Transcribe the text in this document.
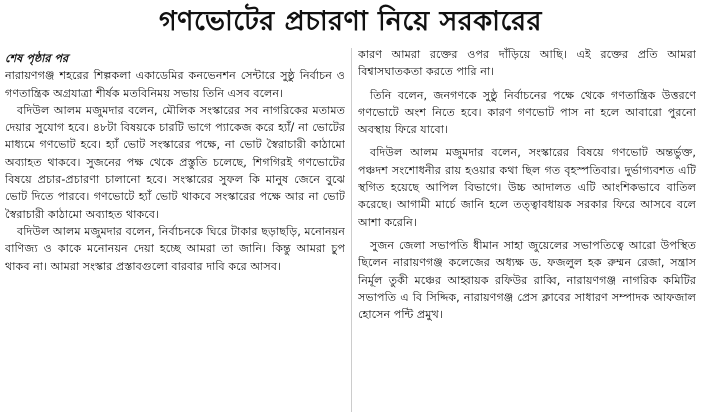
গণভোটের প্রচারণা নিয়ে সরকারের

শেষ পৃষ্ঠার পর

নারায়ণগঞ্জ শহরের শিল্পকলা একাডেমির কনভেনশন সেন্টারে সুষ্ঠু নির্বাচন ও গণতান্ত্রিক অগ্রযাত্রা শীর্ষক মতবিনিময় সভায় তিনি এসব বলেন।

বদিউল আলম মজুমদার বলেন, মৌলিক সংস্কারের সব নাগরিকের মতামত দেয়ার সুযোগ হবে। ৪৮টা বিষয়কে চারটি ভাগে প্যাকেজ করে হ্যাঁ/ না ভোটের মাধ্যমে গণভোট হবে। হ্যাঁ ভোট সংস্কারের পক্ষে, না ভোট স্বৈরাচারী কাঠামো অব্যাহত থাকবে। সুজনের পক্ষ থেকে প্রস্তুতি চলেছে, শিগগিরই গণভোটের বিষয়ে প্রচার-প্রচারণা চালানো হবে। সংস্কারের সুফল কি মানুষ জেনে বুঝে ভোট দিতে পারবে। গণভোটে হ্যাঁ ভোট থাকবে সংস্কারের পক্ষে আর না ভোট স্বৈরাচারী কাঠামো অব্যাহত থাকবে।

বদিউল আলম মজুমদার বলেন, নির্বাচনকে ঘিরে টাকার ছড়াছড়ি, মনোনয়ন বাণিজ্য ও কাকে মনোনয়ন দেয়া হচ্ছে আমরা তা জানি। কিন্তু আমরা চুপ থাকব না। আমরা সংস্কার প্রস্তাবগুলো বারবার দাবি করে আসব।

কারণ আমরা রক্তের ওপর দাঁড়িয়ে আছি। এই রক্তের প্রতি আমরা বিশ্বাসঘাতকতা করতে পারি না।

তিনি বলেন, জনগণকে সুষ্ঠু নির্বাচনের পক্ষে থেকে গণতান্ত্রিক উত্তরণে গণভোটে অংশ নিতে হবে। কারণ গণভোট পাস না হলে আবারো পুরনো অবস্থায় ফিরে যাবো।

বদিউল আলম মজুমদার বলেন, সংস্কারের বিষয়ে গণভোট অন্তর্ভুক্ত, পঞ্চদশ সংশোধনীর রায় হওয়ার কথা ছিল গত বৃহস্পতিবার। দুর্ভাগ্যবশত এটি স্থগিত হয়েছে আপিল বিভাগে। উচ্চ আদালত এটি আংশিকভাবে বাতিল করেছে। আগামী মার্চে জানি হলে তত্ত্বাবধায়ক সরকার ফিরে আসবে বলে আশা করেনি।

সুজন জেলা সভাপতি ধীমান সাহা জুয়েলের সভাপতিত্বে আরো উপস্থিত ছিলেন নারায়ণগঞ্জ কলেজের অধ্যক্ষ ড. ফজলুল হক রুম্মন রেজা, সন্ত্রাস নির্মূল তুকী মঞ্চের আহ্বায়ক রফিউর রাব্বি, নারায়ণগঞ্জ নাগরিক কমিটির সভাপতি এ বি সিদ্দিক, নারায়ণগঞ্জ প্রেস ক্লাবের সাধারণ সম্পাদক আফজাল হোসেন পন্টি প্রমুখ।
